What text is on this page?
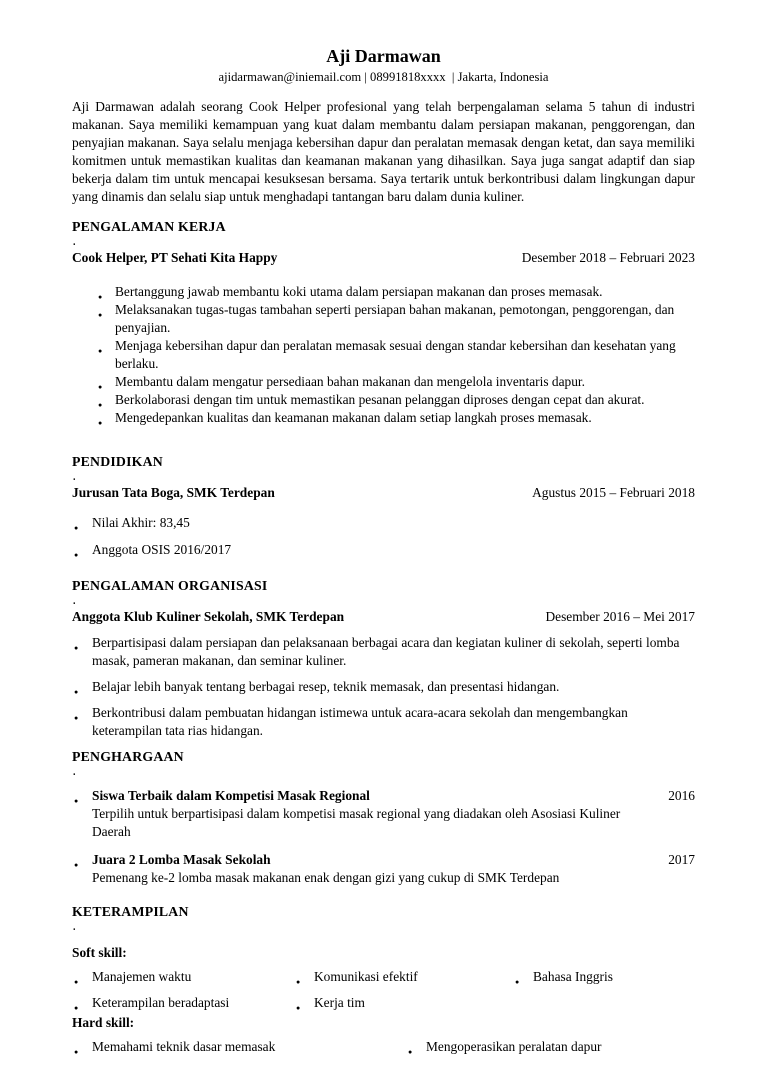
Aji Darmawan
ajidarmawan@iniemail.com | 08991818xxxx  | Jakarta, Indonesia
Aji Darmawan adalah seorang Cook Helper profesional yang telah berpengalaman selama 5 tahun di industri makanan. Saya memiliki kemampuan yang kuat dalam membantu dalam persiapan makanan, penggorengan, dan penyajian makanan. Saya selalu menjaga kebersihan dapur dan peralatan memasak dengan ketat, dan saya memiliki komitmen untuk memastikan kualitas dan keamanan makanan yang dihasilkan. Saya juga sangat adaptif dan siap bekerja dalam tim untuk mencapai kesuksesan bersama. Saya tertarik untuk berkontribusi dalam lingkungan dapur yang dinamis dan selalu siap untuk menghadapi tantangan baru dalam dunia kuliner.
PENGALAMAN KERJA
.
Cook Helper, PT Sehati Kita Happy	Desember 2018 – Februari 2023
● Bertanggung jawab membantu koki utama dalam persiapan makanan dan proses memasak.
● Melaksanakan tugas-tugas tambahan seperti persiapan bahan makanan, pemotongan, penggorengan, dan penyajian.
● Menjaga kebersihan dapur dan peralatan memasak sesuai dengan standar kebersihan dan kesehatan yang berlaku.
● Membantu dalam mengatur persediaan bahan makanan dan mengelola inventaris dapur.
● Berkolaborasi dengan tim untuk memastikan pesanan pelanggan diproses dengan cepat dan akurat.
● Mengedepankan kualitas dan keamanan makanan dalam setiap langkah proses memasak.
PENDIDIKAN
.
Jurusan Tata Boga, SMK Terdepan	Agustus 2015 – Februari 2018
● Nilai Akhir: 83,45
● Anggota OSIS 2016/2017
PENGALAMAN ORGANISASI
.
Anggota Klub Kuliner Sekolah, SMK Terdepan	Desember 2016 – Mei 2017
● Berpartisipasi dalam persiapan dan pelaksanaan berbagai acara dan kegiatan kuliner di sekolah, seperti lomba masak, pameran makanan, dan seminar kuliner.
● Belajar lebih banyak tentang berbagai resep, teknik memasak, dan presentasi hidangan.
● Berkontribusi dalam pembuatan hidangan istimewa untuk acara-acara sekolah dan mengembangkan keterampilan tata rias hidangan.
PENGHARGAAN
.
● Siswa Terbaik dalam Kompetisi Masak Regional	2016
Terpilih untuk berpartisipasi dalam kompetisi masak regional yang diadakan oleh Asosiasi Kuliner Daerah
● Juara 2 Lomba Masak Sekolah	2017
Pemenang ke-2 lomba masak makanan enak dengan gizi yang cukup di SMK Terdepan
KETERAMPILAN
.
Soft skill:
● Manajemen waktu	● Komunikasi efektif	● Bahasa Inggris
● Keterampilan beradaptasi	● Kerja tim
Hard skill:
● Memahami teknik dasar memasak	● Mengoperasikan peralatan dapur
